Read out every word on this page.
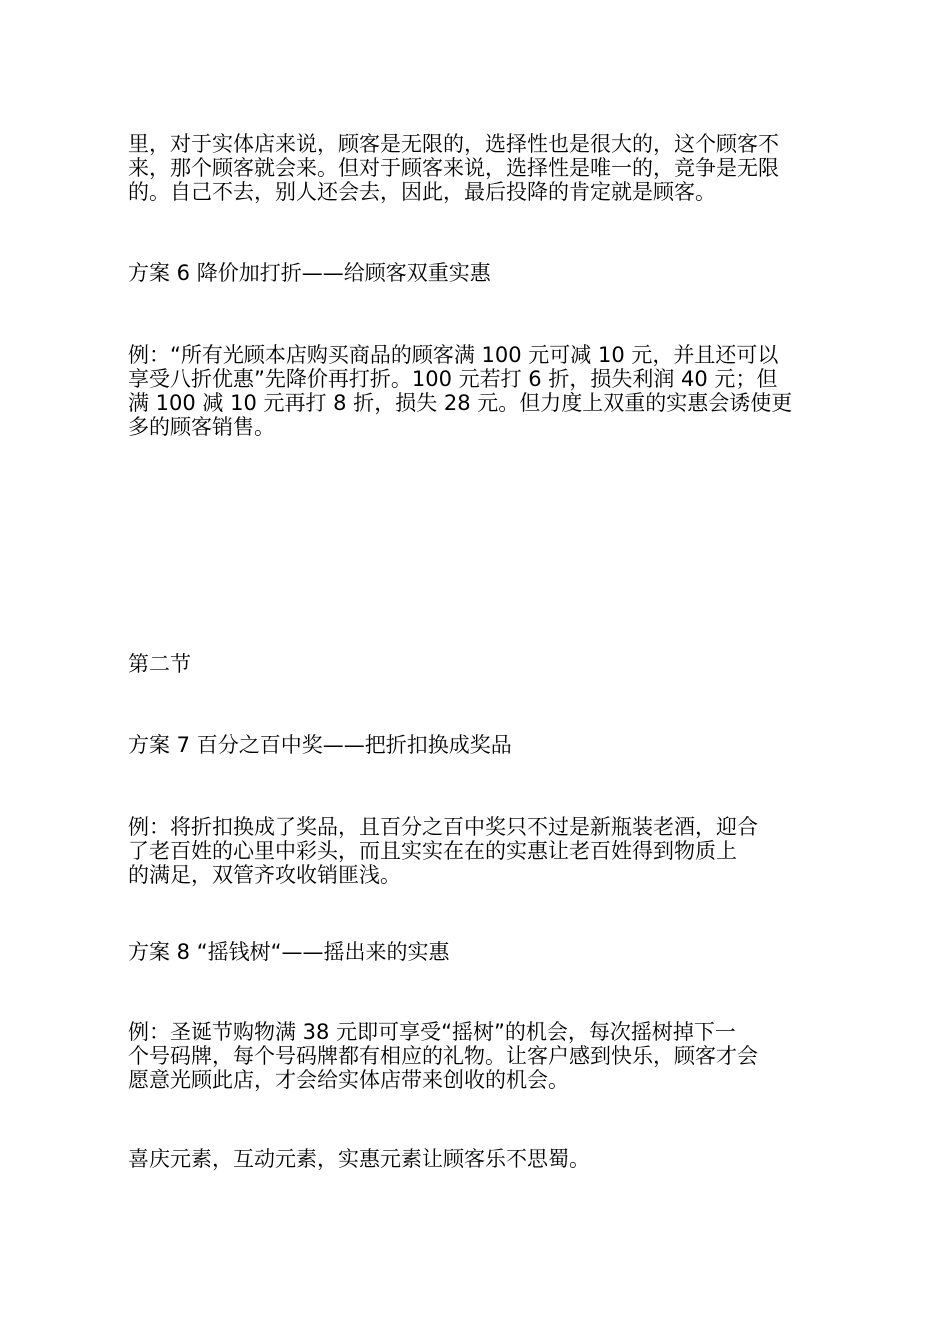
里，对于实体店来说，顾客是无限的，选择性也是很大的，这个顾客不
来，那个顾客就会来。但对于顾客来说，选择性是唯一的，竞争是无限
的。自己不去，别人还会去，因此，最后投降的肯定就是顾客。
方案 6 降价加打折——给顾客双重实惠
例：“所有光顾本店购买商品的顾客满 100 元可减 10 元，并且还可以
享受八折优惠”先降价再打折。100 元若打 6 折，损失利润 40 元；但
满 100 减 10 元再打 8 折，损失 28 元。但力度上双重的实惠会诱使更
多的顾客销售。
第二节
方案 7 百分之百中奖——把折扣换成奖品
例：将折扣换成了奖品，且百分之百中奖只不过是新瓶装老酒，迎合
了老百姓的心里中彩头，而且实实在在的实惠让老百姓得到物质上
的满足，双管齐攻收销匪浅。
方案 8 “摇钱树“——摇出来的实惠
例：圣诞节购物满 38 元即可享受“摇树”的机会，每次摇树掉下一
个号码牌，每个号码牌都有相应的礼物。让客户感到快乐，顾客才会
愿意光顾此店，才会给实体店带来创收的机会。
喜庆元素，互动元素，实惠元素让顾客乐不思蜀。
